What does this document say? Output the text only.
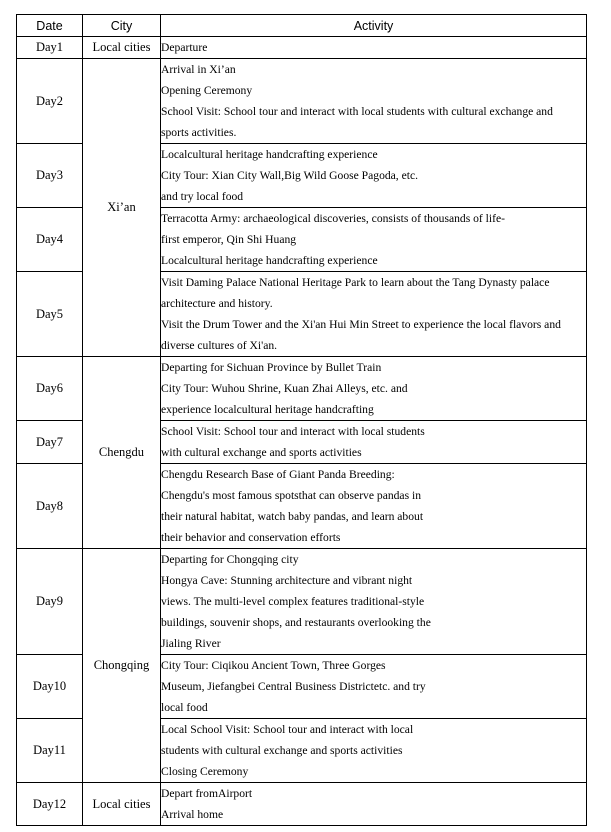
Date	City	Activity
Day1	Local cities	Departure

Day2	Xi’an	Arrival in Xi’an
Opening Ceremony
School Visit: School tour and interact with local students with cultural exchange and
sports activities.

Day3		Localcultural heritage handcrafting experience
City Tour: Xian City Wall,Big Wild Goose Pagoda, etc.
and try local food

Day4		Terracotta Army: archaeological discoveries, consists of thousands of life-
first emperor, Qin Shi Huang
Localcultural heritage handcrafting experience

Day5		Visit Daming Palace National Heritage Park to learn about the Tang Dynasty palace
architecture and history.
Visit the Drum Tower and the Xi'an Hui Min Street to experience the local flavors and
diverse cultures of Xi'an.

Day6	Chengdu	Departing for Sichuan Province by Bullet Train
City Tour: Wuhou Shrine, Kuan Zhai Alleys, etc. and
experience localcultural heritage handcrafting

Day7		School Visit: School tour and interact with local students
with cultural exchange and sports activities

Day8		Chengdu Research Base of Giant Panda Breeding:
Chengdu's most famous spotsthat can observe pandas in
their natural habitat, watch baby pandas, and learn about
their behavior and conservation efforts

Day9	Chongqing	Departing for Chongqing city
Hongya Cave: Stunning architecture and vibrant night
views. The multi-level complex features traditional-style
buildings, souvenir shops, and restaurants overlooking the
Jialing River

Day10		City Tour: Ciqikou Ancient Town, Three Gorges
Museum, Jiefangbei Central Business Districtetc. and try
local food

Day11		Local School Visit: School tour and interact with local
students with cultural exchange and sports activities
Closing Ceremony

Day12	Local cities	Depart fromAirport
Arrival home
